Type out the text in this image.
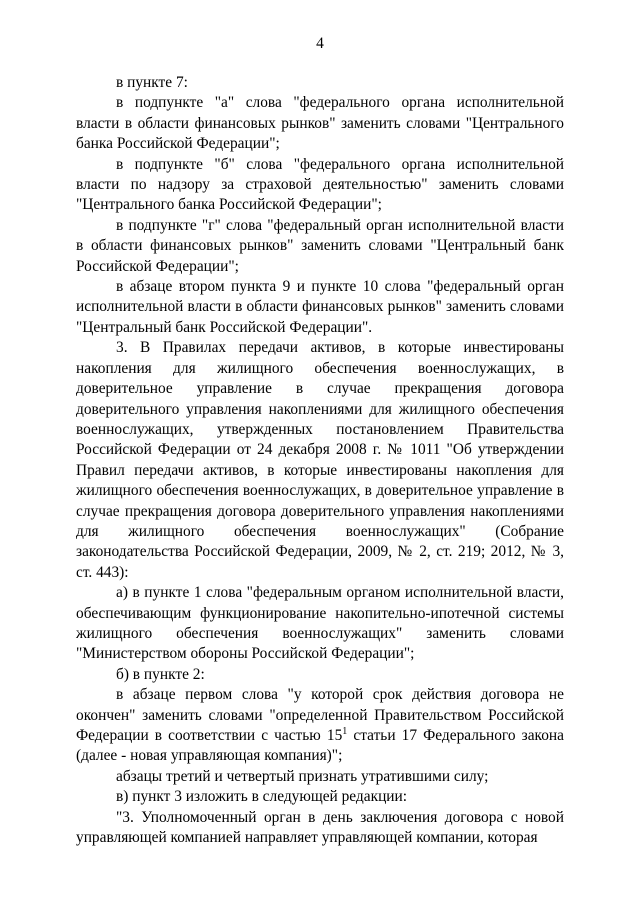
4

в пункте 7:

в подпункте "а" слова "федерального органа исполнительной власти в области финансовых рынков" заменить словами "Центрального банка Российской Федерации";

в подпункте "б" слова "федерального органа исполнительной власти по надзору за страховой деятельностью" заменить словами "Центрального банка Российской Федерации";

в подпункте "г" слова "федеральный орган исполнительной власти в области финансовых рынков" заменить словами "Центральный банк Российской Федерации";

в абзаце втором пункта 9 и пункте 10 слова "федеральный орган исполнительной власти в области финансовых рынков" заменить словами "Центральный банк Российской Федерации".

3. В Правилах передачи активов, в которые инвестированы накопления для жилищного обеспечения военнослужащих, в доверительное управление в случае прекращения договора доверительного управления накоплениями для жилищного обеспечения военнослужащих, утвержденных постановлением Правительства Российской Федерации от 24 декабря 2008 г. № 1011 "Об утверждении Правил передачи активов, в которые инвестированы накопления для жилищного обеспечения военнослужащих, в доверительное управление в случае прекращения договора доверительного управления накоплениями для жилищного обеспечения военнослужащих" (Собрание законодательства Российской Федерации, 2009, № 2, ст. 219; 2012, № 3, ст. 443):

а) в пункте 1 слова "федеральным органом исполнительной власти, обеспечивающим функционирование накопительно-ипотечной системы жилищного обеспечения военнослужащих" заменить словами "Министерством обороны Российской Федерации";

б) в пункте 2:

в абзаце первом слова "у которой срок действия договора не окончен" заменить словами "определенной Правительством Российской Федерации в соответствии с частью $15^1$ статьи 17 Федерального закона (далее - новая управляющая компания)";

абзацы третий и четвертый признать утратившими силу;

в) пункт 3 изложить в следующей редакции:

"3. Уполномоченный орган в день заключения договора с новой управляющей компанией направляет управляющей компании, которая
